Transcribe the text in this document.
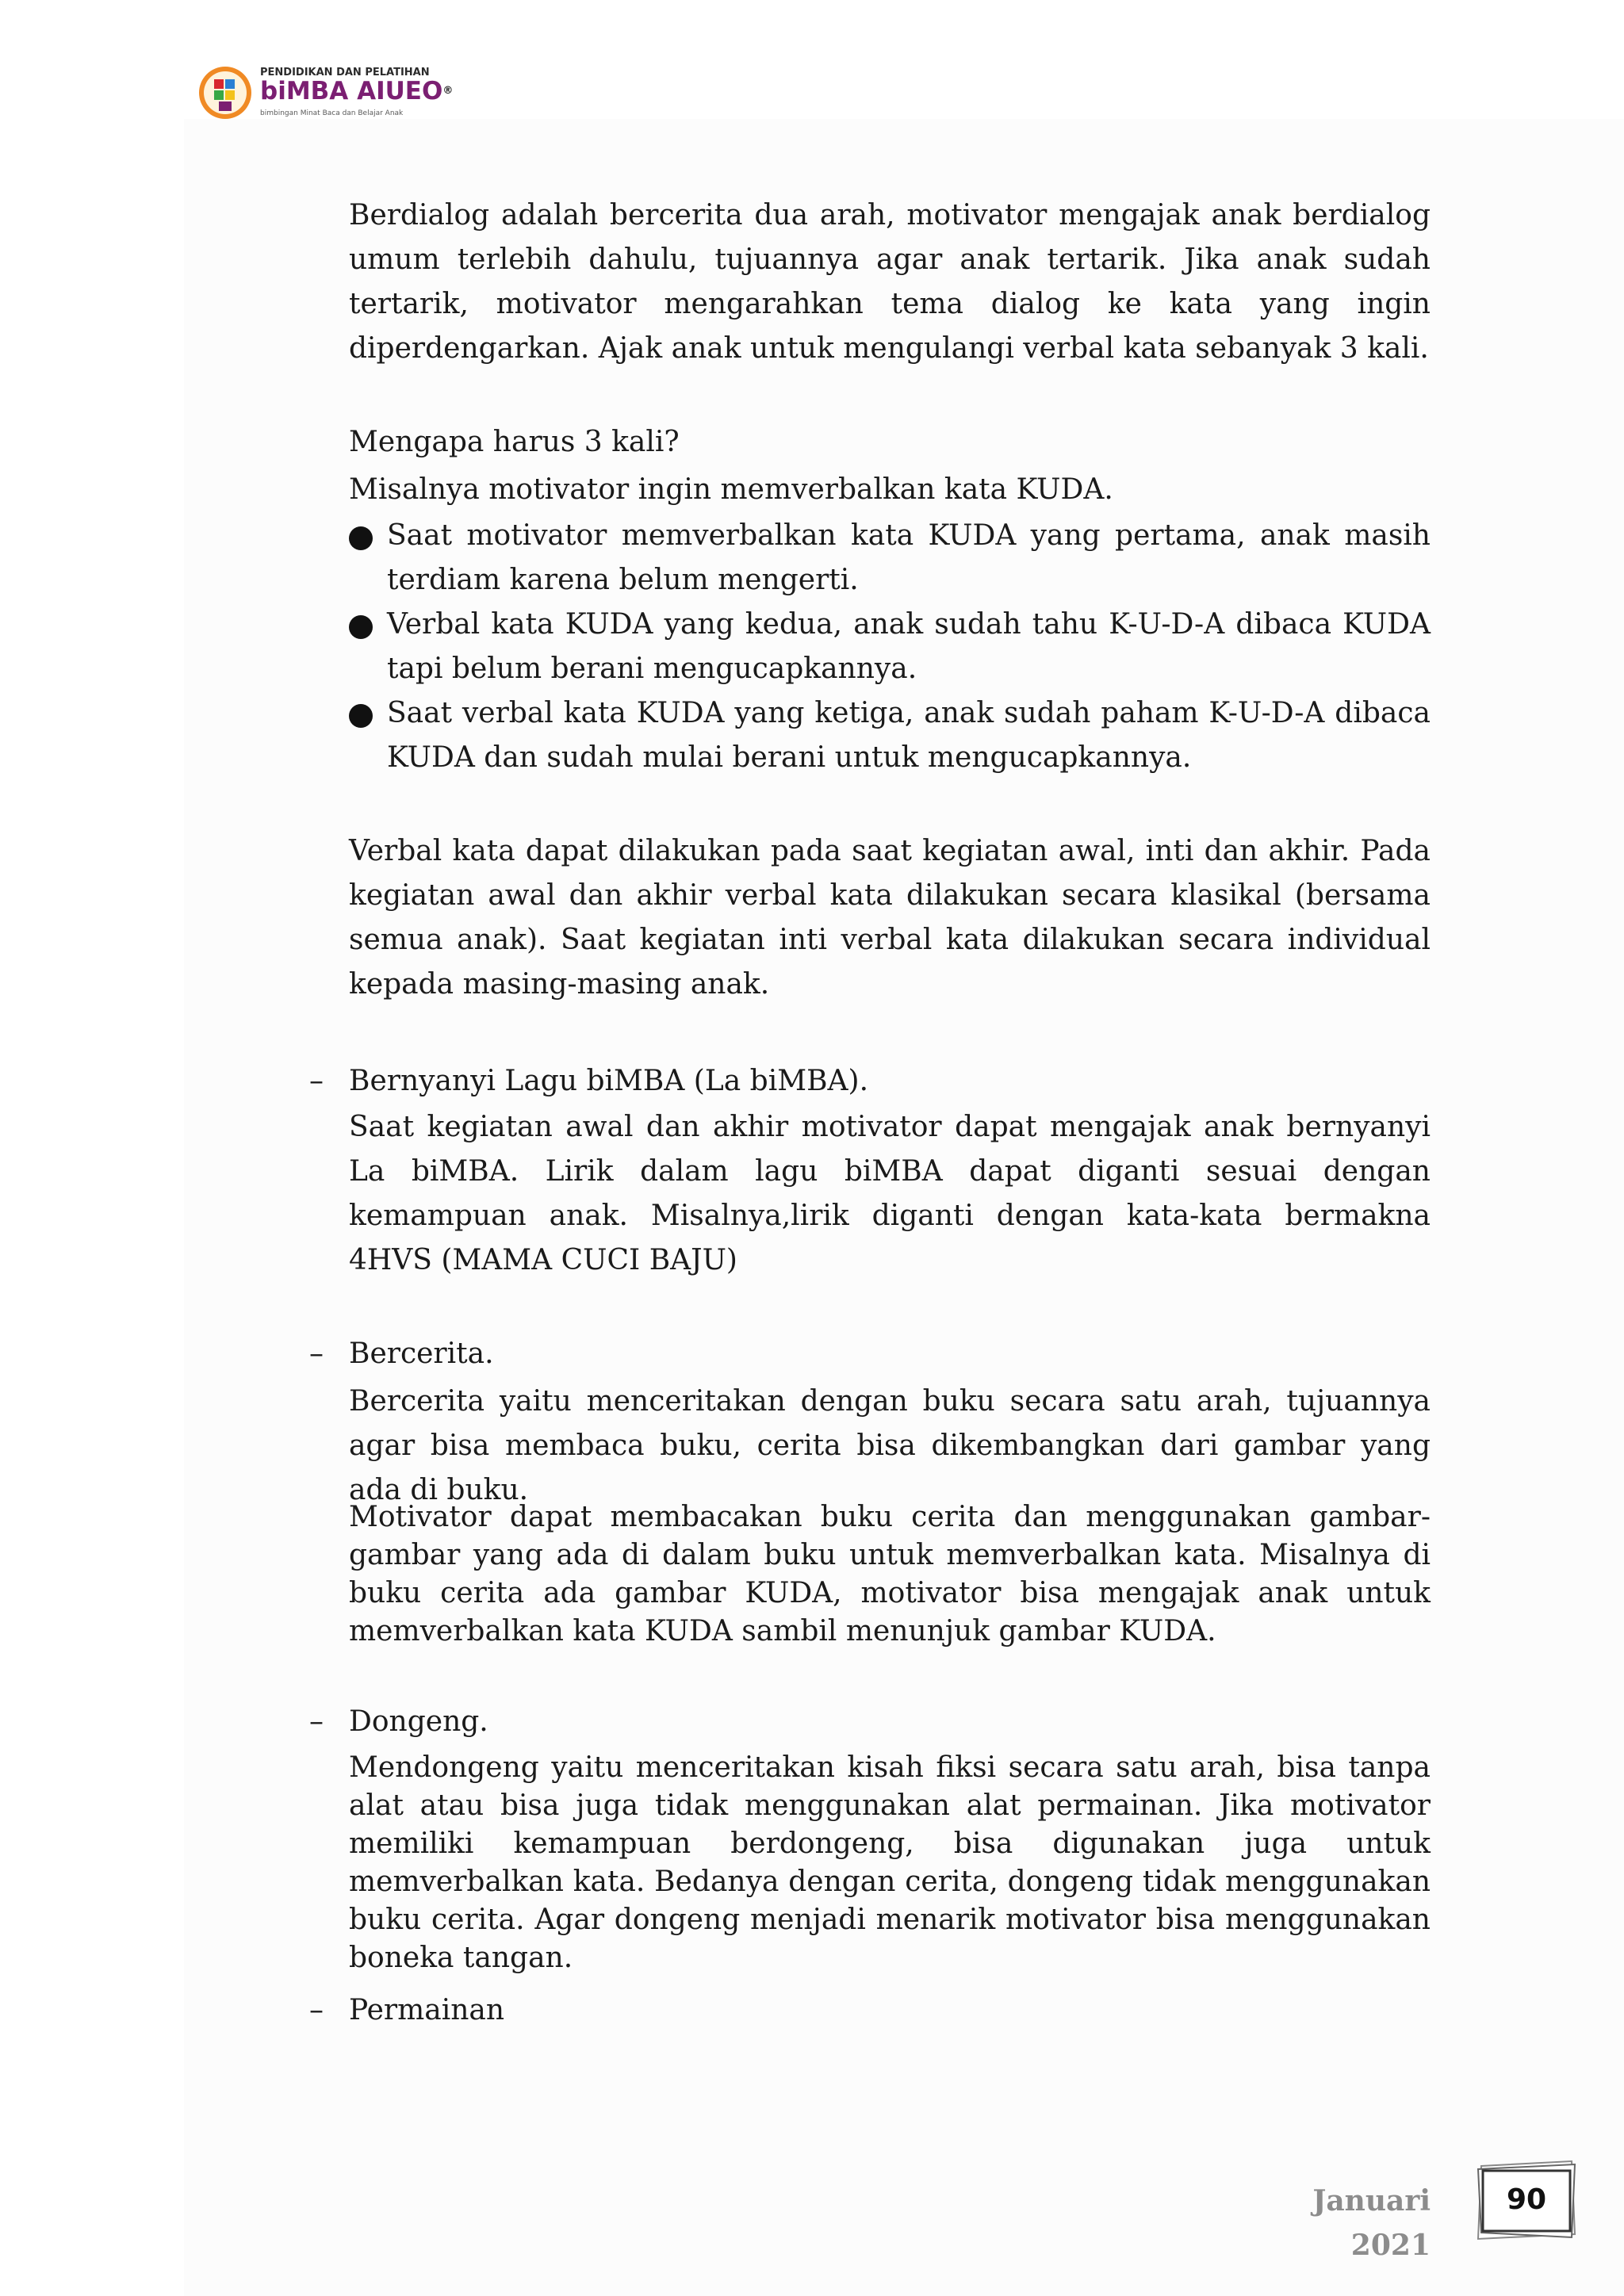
PENDIDIKAN DAN PELATIHAN
biMBA AIUEO®
bimbingan Minat Baca dan Belajar Anak

Berdialog adalah bercerita dua arah, motivator mengajak anak berdialog umum terlebih dahulu, tujuannya agar anak tertarik. Jika anak sudah tertarik, motivator mengarahkan tema dialog ke kata yang ingin diperdengarkan. Ajak anak untuk mengulangi verbal kata sebanyak 3 kali.

Mengapa harus 3 kali?
Misalnya motivator ingin memverbalkan kata KUDA.

Saat motivator memverbalkan kata KUDA yang pertama, anak masih terdiam karena belum mengerti.

Verbal kata KUDA yang kedua, anak sudah tahu K-U-D-A dibaca KUDA tapi belum berani mengucapkannya.

Saat verbal kata KUDA yang ketiga, anak sudah paham K-U-D-A dibaca KUDA dan sudah mulai berani untuk mengucapkannya.

Verbal kata dapat dilakukan pada saat kegiatan awal, inti dan akhir. Pada kegiatan awal dan akhir verbal kata dilakukan secara klasikal (bersama semua anak). Saat kegiatan inti verbal kata dilakukan secara individual kepada masing-masing anak.

– Bernyanyi Lagu biMBA (La biMBA).

Saat kegiatan awal dan akhir motivator dapat mengajak anak bernyanyi La biMBA. Lirik dalam lagu biMBA dapat diganti sesuai dengan kemampuan anak. Misalnya,lirik diganti dengan kata-kata bermakna 4HVS (MAMA CUCI BAJU)

– Bercerita.

Bercerita yaitu menceritakan dengan buku secara satu arah, tujuannya agar bisa membaca buku, cerita bisa dikembangkan dari gambar yang ada di buku.

Motivator dapat membacakan buku cerita dan menggunakan gambar-gambar yang ada di dalam buku untuk memverbalkan kata. Misalnya di buku cerita ada gambar KUDA, motivator bisa mengajak anak untuk memverbalkan kata KUDA sambil menunjuk gambar KUDA.

– Dongeng.

Mendongeng yaitu menceritakan kisah fiksi secara satu arah, bisa tanpa alat atau bisa juga tidak menggunakan alat permainan. Jika motivator memiliki kemampuan berdongeng, bisa digunakan juga untuk memverbalkan kata. Bedanya dengan cerita, dongeng tidak menggunakan buku cerita. Agar dongeng menjadi menarik motivator bisa menggunakan boneka tangan.

– Permainan
Januari 2021
90
